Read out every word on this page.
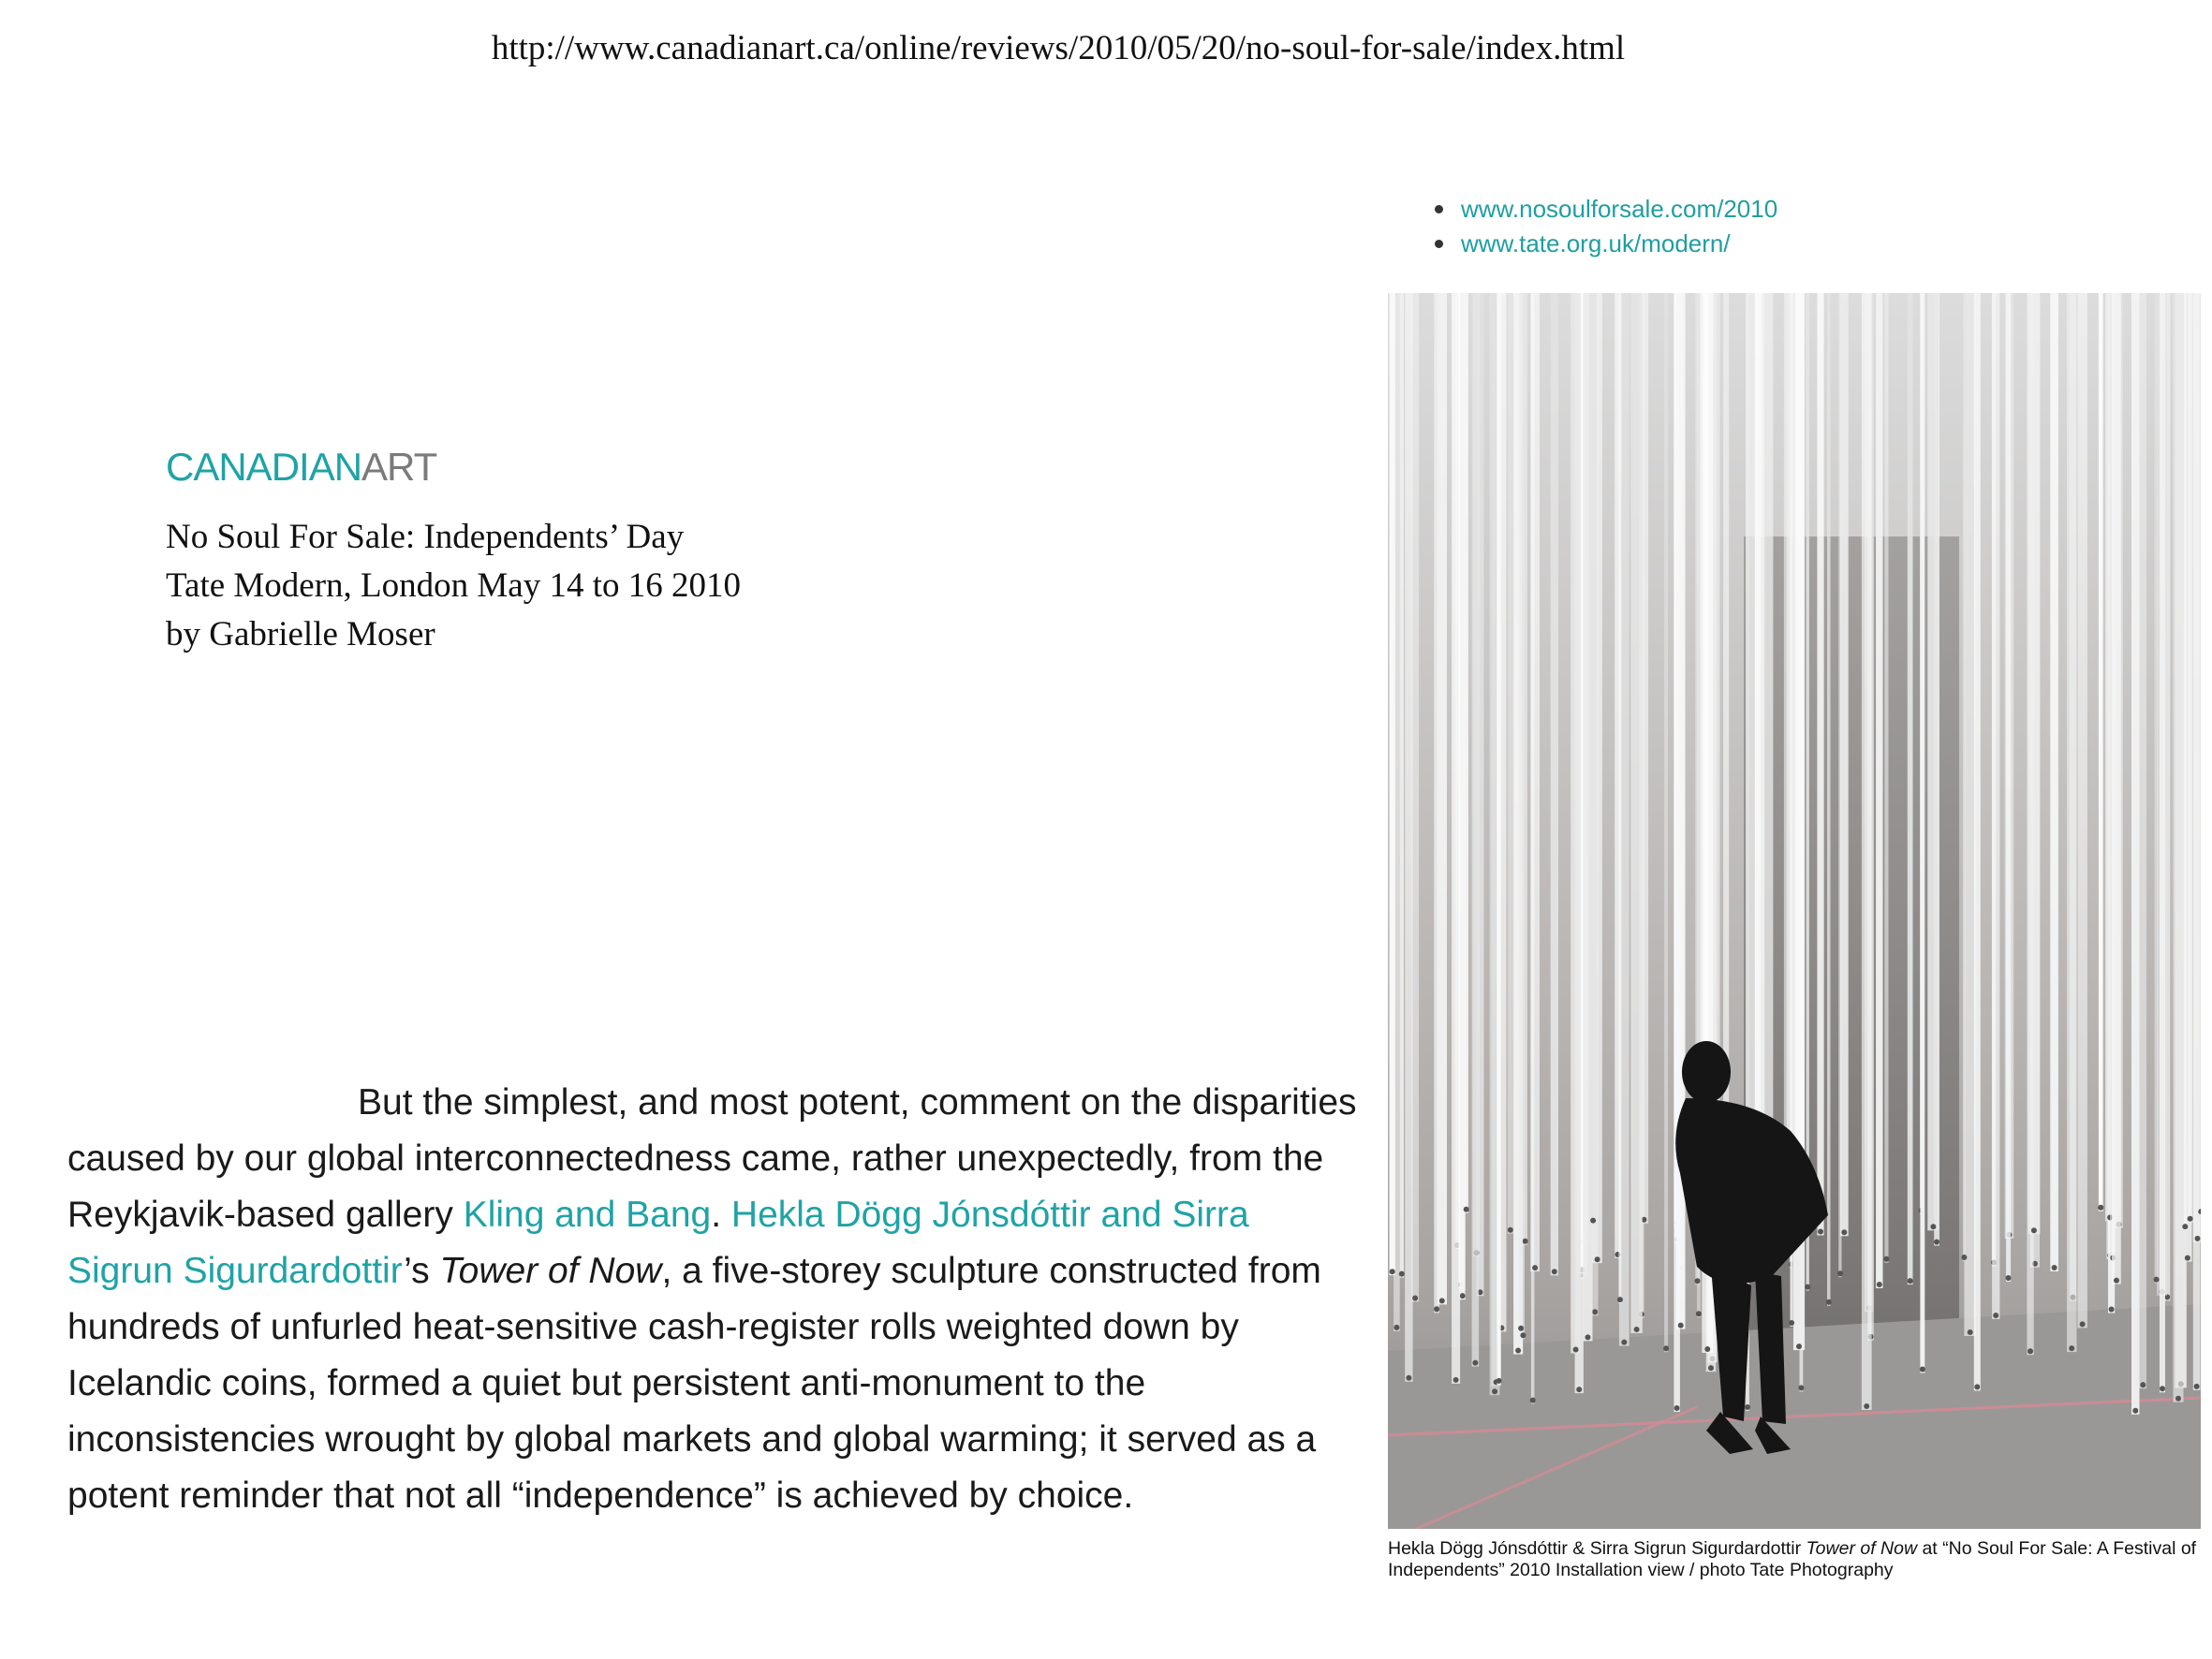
http://www.canadianart.ca/online/reviews/2010/05/20/no-soul-for-sale/index.html
www.nosoulforsale.com/2010
www.tate.org.uk/modern/
CANADIANART
No Soul For Sale: Independents’ Day
Tate Modern, London May 14 to 16 2010
by Gabrielle Moser

But the simplest, and most potent, comment on the disparities caused by our global interconnectedness came, rather unexpectedly, from the Reykjavik-based gallery Kling and Bang. Hekla Dögg Jónsdóttir and Sirra Sigrun Sigurdardottir’s Tower of Now, a five-storey sculpture constructed from hundreds of unfurled heat-sensitive cash-register rolls weighted down by Icelandic coins, formed a quiet but persistent anti-monument to the inconsistencies wrought by global markets and global warming; it served as a potent reminder that not all “independence” is achieved by choice.

Hekla Dögg Jónsdóttir & Sirra Sigrun Sigurdardottir Tower of Now at “No Soul For Sale: A Festival of Independents” 2010 Installation view / photo Tate Photography
